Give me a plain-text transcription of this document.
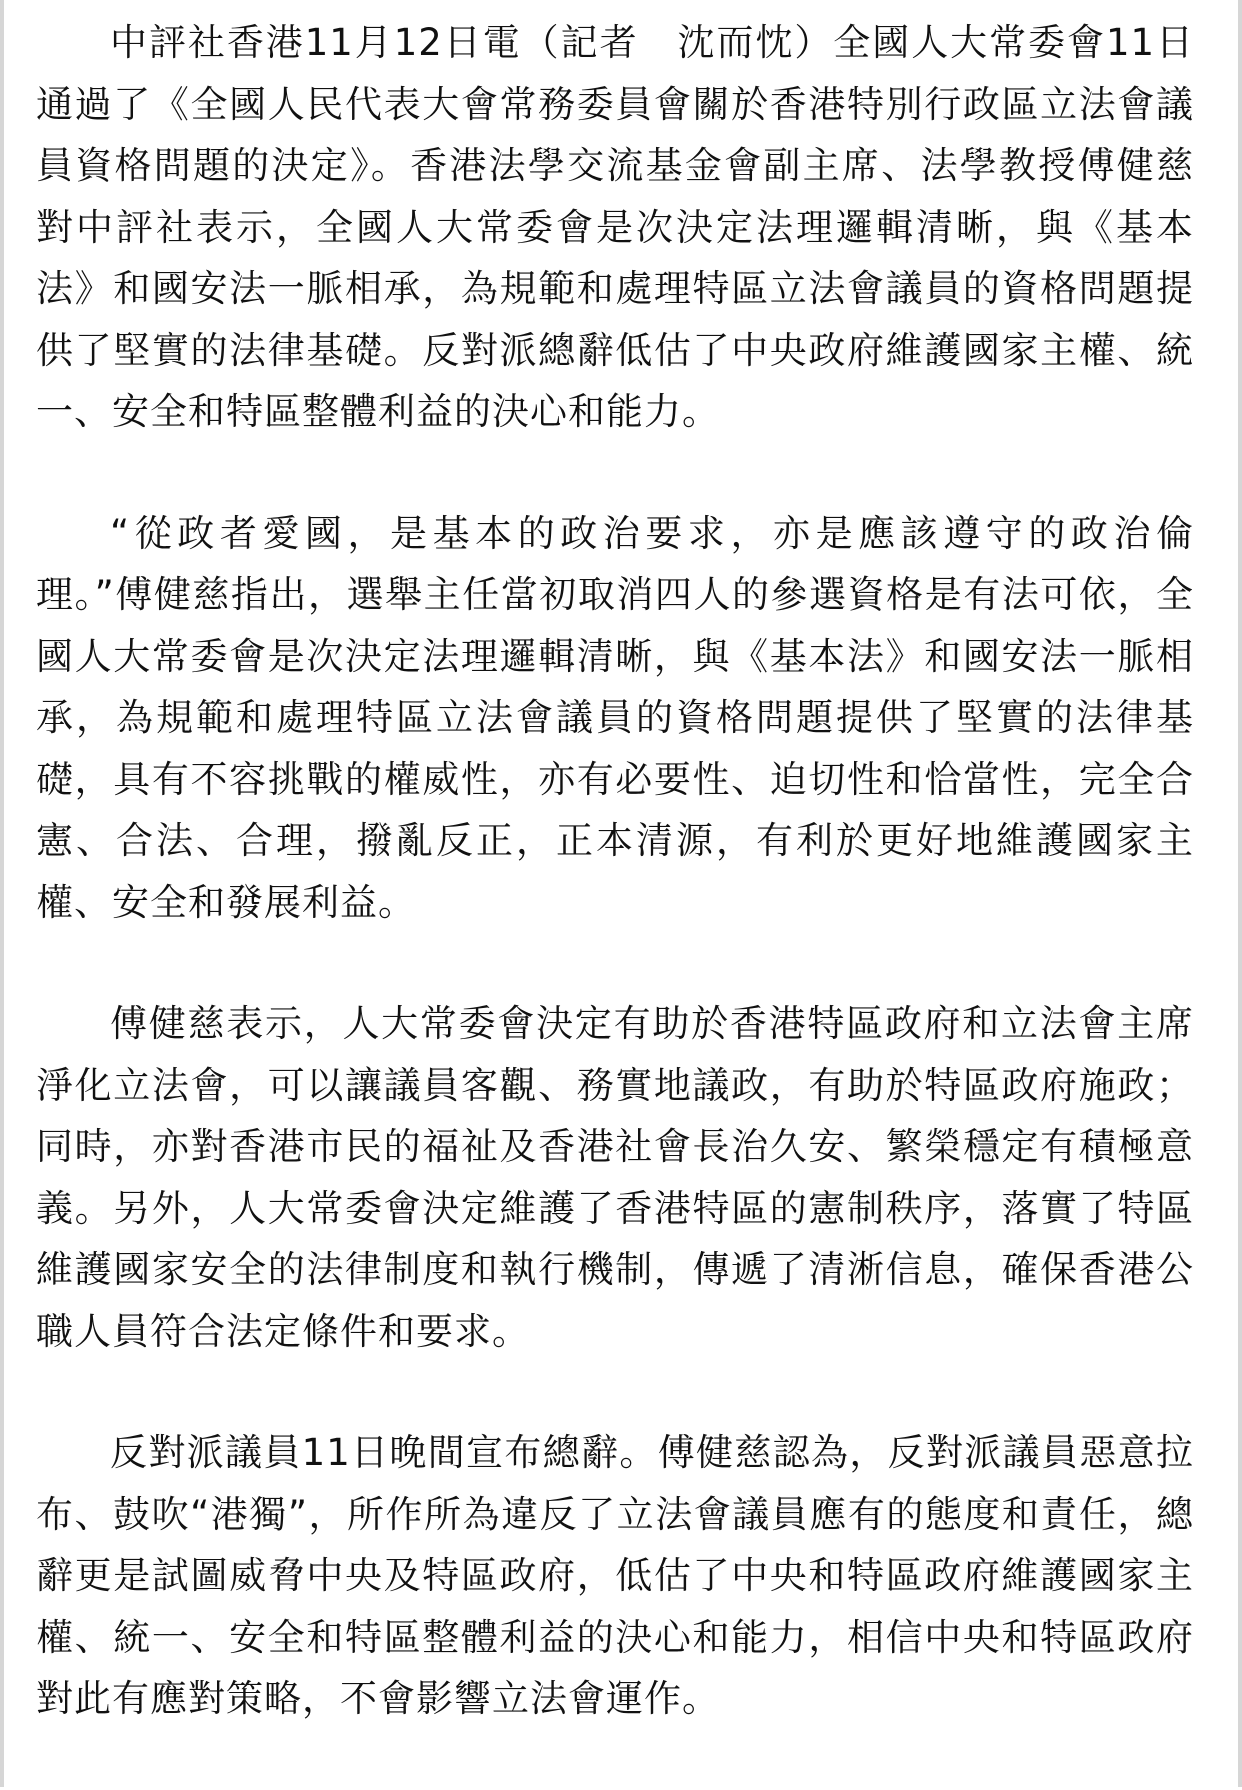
中評社香港11月12日電（記者　沈而忱）全國人大常委會11日通過了《全國人民代表大會常務委員會關於香港特別行政區立法會議員資格問題的決定》。香港法學交流基金會副主席、法學教授傅健慈對中評社表示，全國人大常委會是次決定法理邏輯清晰，與《基本法》和國安法一脈相承，為規範和處理特區立法會議員的資格問題提供了堅實的法律基礎。反對派總辭低估了中央政府維護國家主權、統一、安全和特區整體利益的決心和能力。

“從政者愛國，是基本的政治要求，亦是應該遵守的政治倫理。”傅健慈指出，選舉主任當初取消四人的參選資格是有法可依，全國人大常委會是次決定法理邏輯清晰，與《基本法》和國安法一脈相承，為規範和處理特區立法會議員的資格問題提供了堅實的法律基礎，具有不容挑戰的權威性，亦有必要性、迫切性和恰當性，完全合憲、合法、合理，撥亂反正，正本清源，有利於更好地維護國家主權、安全和發展利益。

傅健慈表示，人大常委會決定有助於香港特區政府和立法會主席淨化立法會，可以讓議員客觀、務實地議政，有助於特區政府施政；同時，亦對香港市民的福祉及香港社會長治久安、繁榮穩定有積極意義。另外，人大常委會決定維護了香港特區的憲制秩序，落實了特區維護國家安全的法律制度和執行機制，傳遞了清淅信息，確保香港公職人員符合法定條件和要求。

反對派議員11日晚間宣布總辭。傅健慈認為，反對派議員惡意拉布、鼓吹“港獨”，所作所為違反了立法會議員應有的態度和責任，總辭更是試圖威脅中央及特區政府，低估了中央和特區政府維護國家主權、統一、安全和特區整體利益的決心和能力，相信中央和特區政府對此有應對策略，不會影響立法會運作。
